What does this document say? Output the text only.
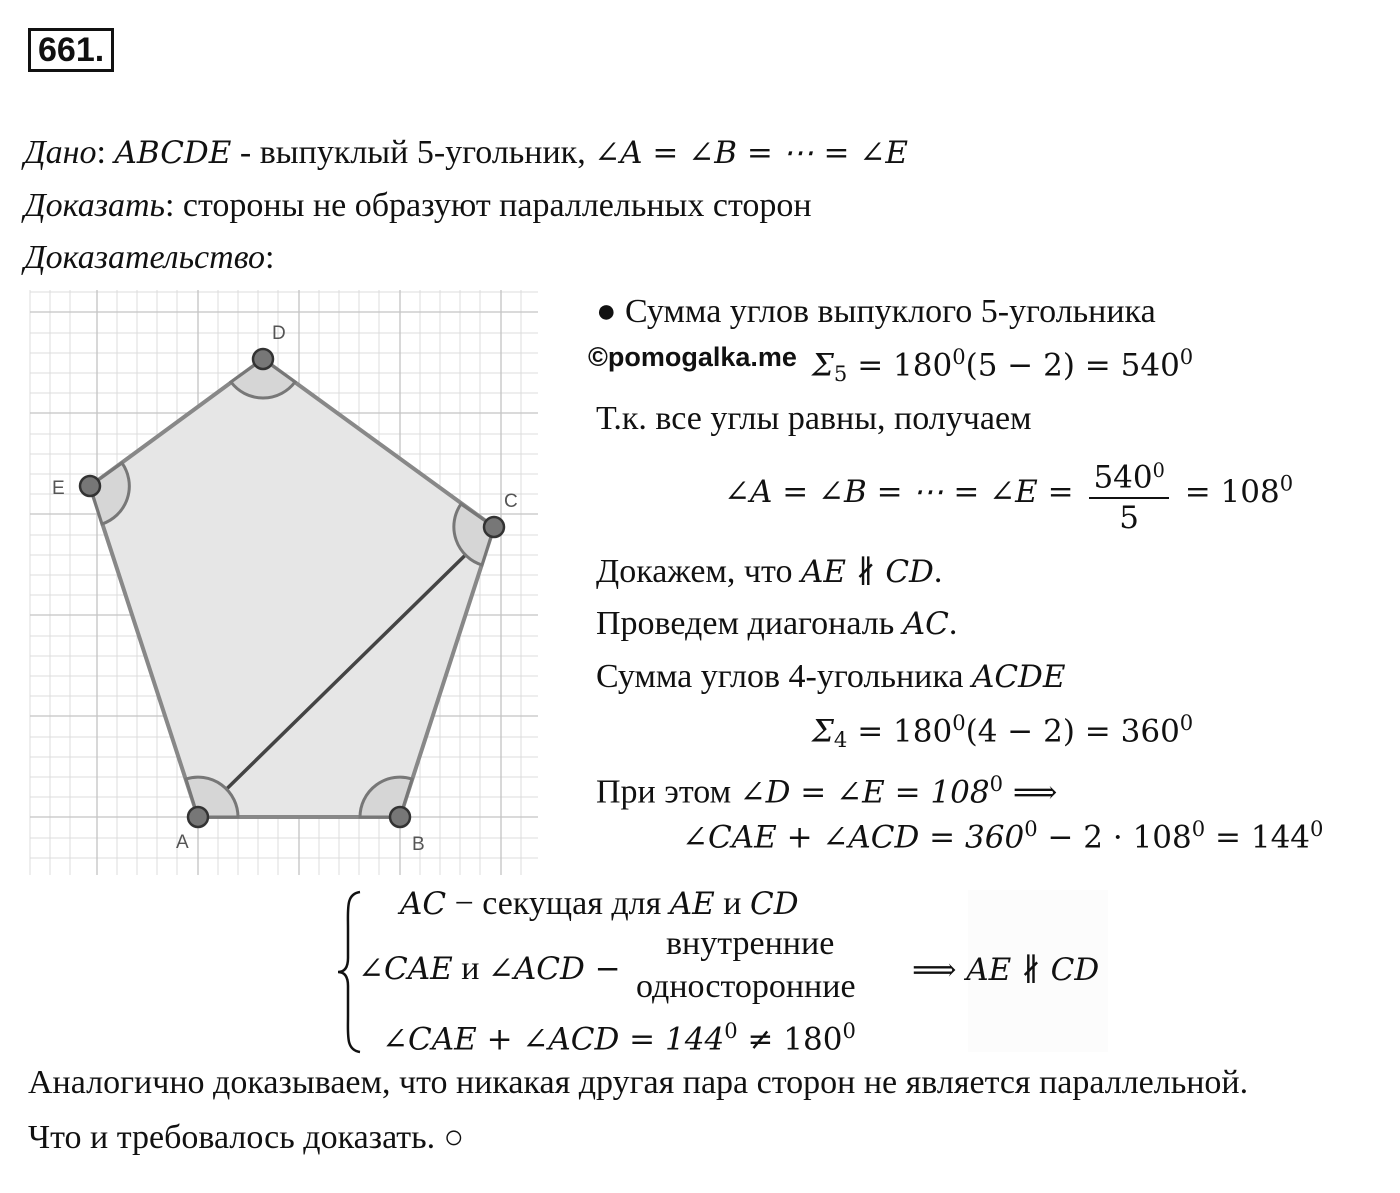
661.
Дано: ABCDE - выпуклый 5-угольник, ∠A = ∠B = ⋯ = ∠E
Доказать: стороны не образуют параллельных сторон
Доказательство:
A	B
C
D
E
● Сумма углов выпуклого 5-угольника
©pomogalka.me $\Sigma_5 = 180^0(5 - 2) = 540^0$
Т.к. все углы равны, получаем
∠A = ∠B = ⋯ = ∠E = $\frac{540^0}{5} = 108^0$
Докажем, что AE ∦ CD.
Проведем диагональ AC.
Сумма углов 4-угольника ACDE
$\Sigma_4 = 180^0(4 - 2) = 360^0$
При этом ∠D = ∠E = $108^0$ ⟹
∠CAE + ∠ACD = $360^0 - 2 \cdot 108^0 = 144^0$
AC − секущая для AE и CD
∠CAE и ∠ACD −
внутренние
односторонние
∠CAE + ∠ACD = $144^0 \ne 180^0$
⟹ AE ∦ CD
Аналогично доказываем, что никакая другая пара сторон не является параллельной.
Что и требовалось доказать. ○
